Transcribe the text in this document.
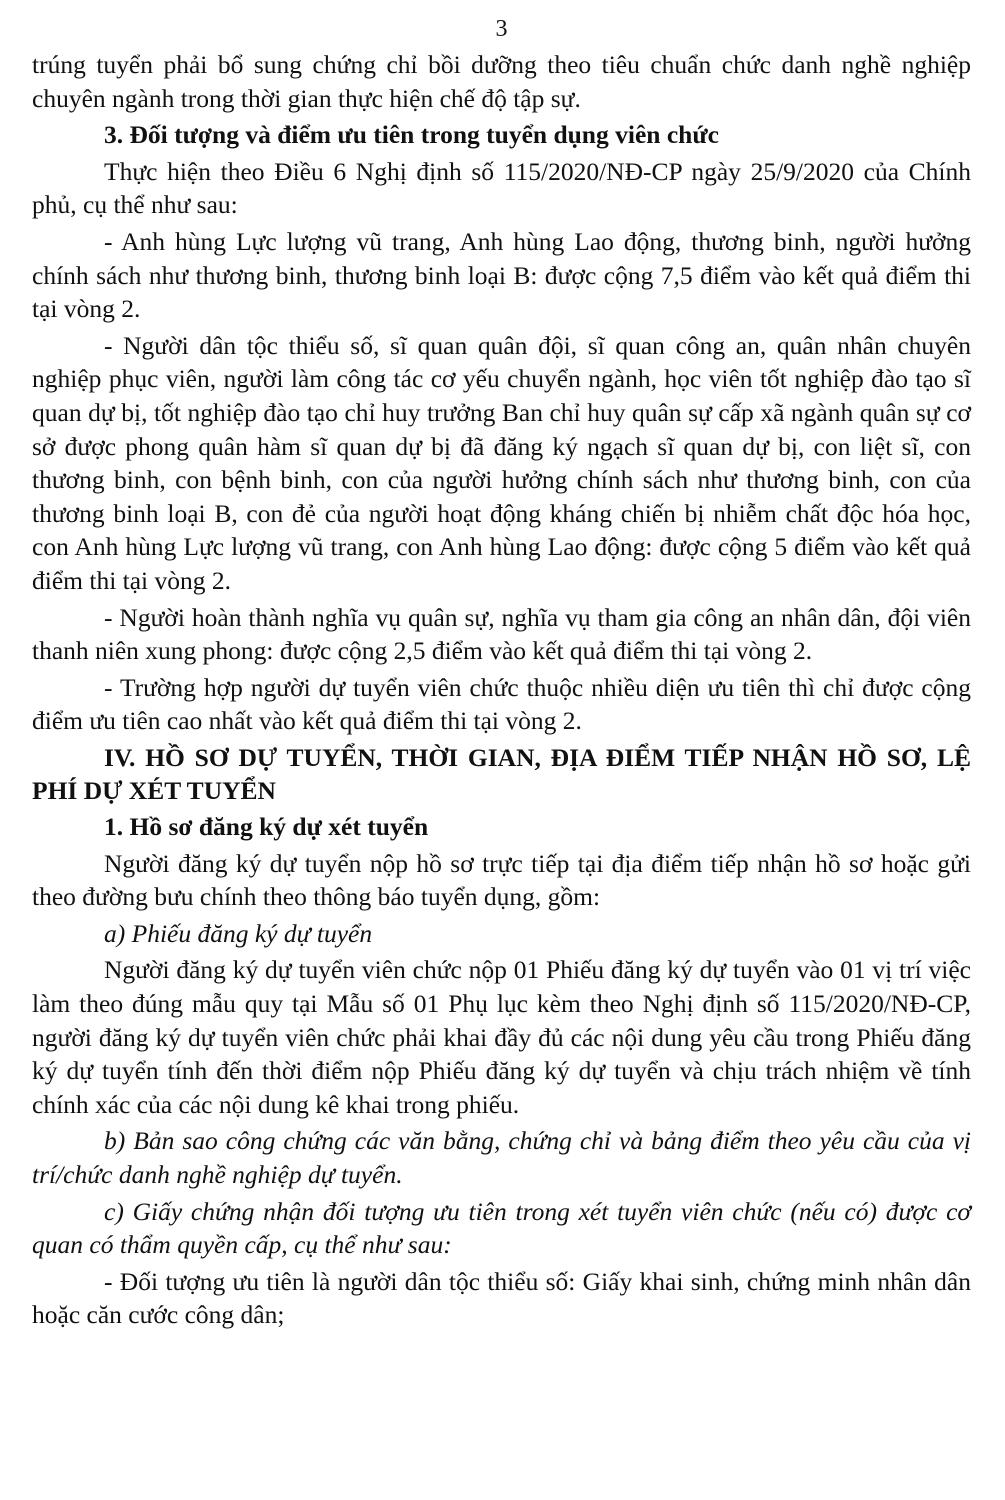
3

trúng tuyển phải bổ sung chứng chỉ bồi dưỡng theo tiêu chuẩn chức danh nghề nghiệp chuyên ngành trong thời gian thực hiện chế độ tập sự.

3. Đối tượng và điểm ưu tiên trong tuyển dụng viên chức

Thực hiện theo Điều 6 Nghị định số 115/2020/NĐ-CP ngày 25/9/2020 của Chính phủ, cụ thể như sau:

- Anh hùng Lực lượng vũ trang, Anh hùng Lao động, thương binh, người hưởng chính sách như thương binh, thương binh loại B: được cộng 7,5 điểm vào kết quả điểm thi tại vòng 2.

- Người dân tộc thiểu số, sĩ quan quân đội, sĩ quan công an, quân nhân chuyên nghiệp phục viên, người làm công tác cơ yếu chuyển ngành, học viên tốt nghiệp đào tạo sĩ quan dự bị, tốt nghiệp đào tạo chỉ huy trưởng Ban chỉ huy quân sự cấp xã ngành quân sự cơ sở được phong quân hàm sĩ quan dự bị đã đăng ký ngạch sĩ quan dự bị, con liệt sĩ, con thương binh, con bệnh binh, con của người hưởng chính sách như thương binh, con của thương binh loại B, con đẻ của người hoạt động kháng chiến bị nhiễm chất độc hóa học, con Anh hùng Lực lượng vũ trang, con Anh hùng Lao động: được cộng 5 điểm vào kết quả điểm thi tại vòng 2.

- Người hoàn thành nghĩa vụ quân sự, nghĩa vụ tham gia công an nhân dân, đội viên thanh niên xung phong: được cộng 2,5 điểm vào kết quả điểm thi tại vòng 2.

- Trường hợp người dự tuyển viên chức thuộc nhiều diện ưu tiên thì chỉ được cộng điểm ưu tiên cao nhất vào kết quả điểm thi tại vòng 2.

IV. HỒ SƠ DỰ TUYỂN, THỜI GIAN, ĐỊA ĐIỂM TIẾP NHẬN HỒ SƠ, LỆ PHÍ DỰ XÉT TUYỂN

1. Hồ sơ đăng ký dự xét tuyển

Người đăng ký dự tuyển nộp hồ sơ trực tiếp tại địa điểm tiếp nhận hồ sơ hoặc gửi theo đường bưu chính theo thông báo tuyển dụng, gồm:

a) Phiếu đăng ký dự tuyển

Người đăng ký dự tuyển viên chức nộp 01 Phiếu đăng ký dự tuyển vào 01 vị trí việc làm theo đúng mẫu quy tại Mẫu số 01 Phụ lục kèm theo Nghị định số 115/2020/NĐ-CP, người đăng ký dự tuyển viên chức phải khai đầy đủ các nội dung yêu cầu trong Phiếu đăng ký dự tuyển tính đến thời điểm nộp Phiếu đăng ký dự tuyển và chịu trách nhiệm về tính chính xác của các nội dung kê khai trong phiếu.

b) Bản sao công chứng các văn bằng, chứng chỉ và bảng điểm theo yêu cầu của vị trí/chức danh nghề nghiệp dự tuyển.

c) Giấy chứng nhận đối tượng ưu tiên trong xét tuyển viên chức (nếu có) được cơ quan có thẩm quyền cấp, cụ thể như sau:

- Đối tượng ưu tiên là người dân tộc thiểu số: Giấy khai sinh, chứng minh nhân dân hoặc căn cước công dân;
